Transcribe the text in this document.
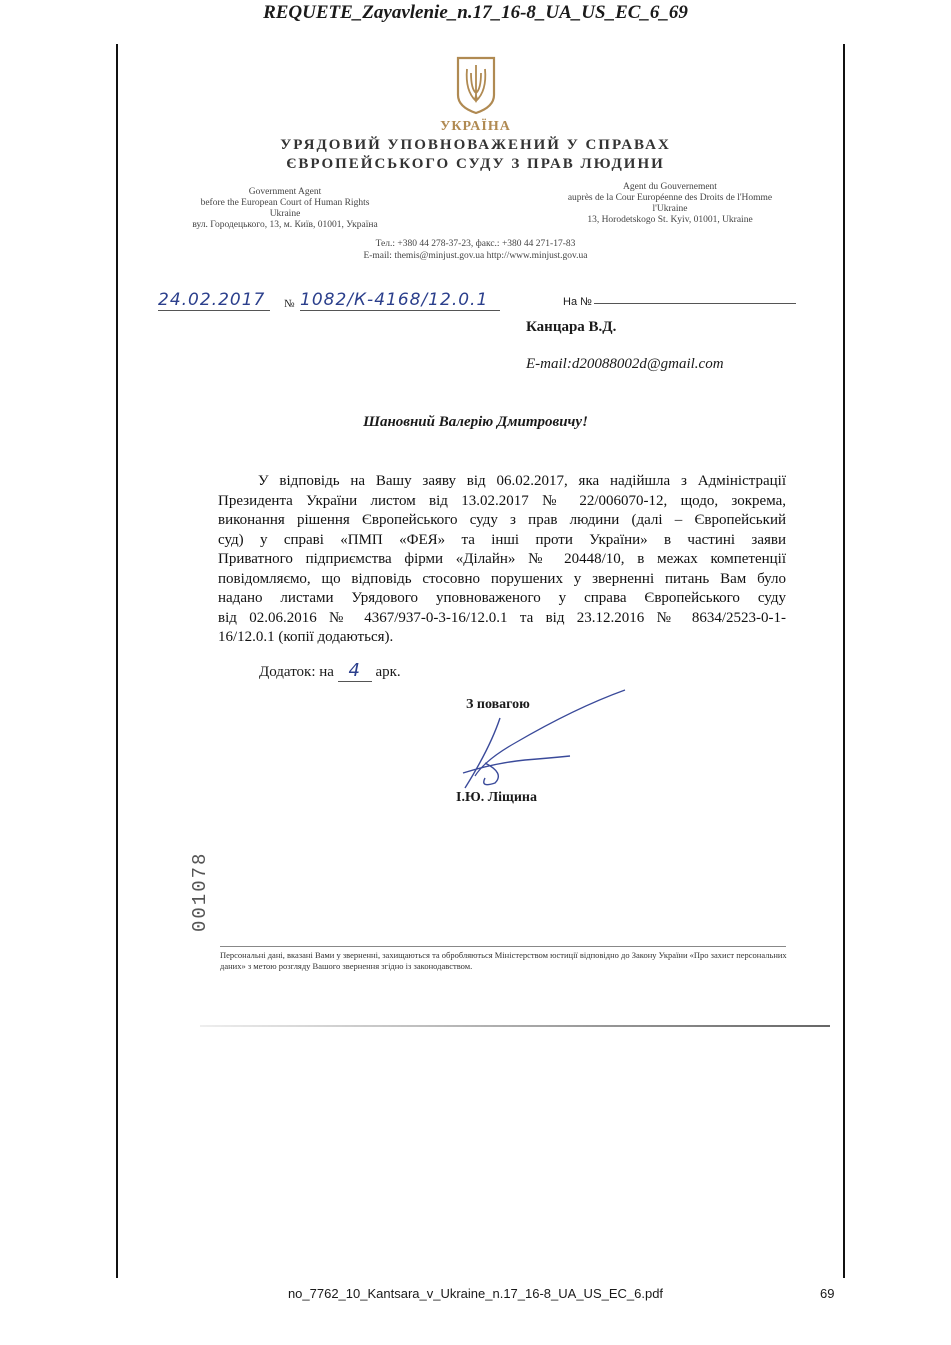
REQUETE_Zayavlenie_n.17_16-8_UA_US_EC_6_69
УКРАЇНА
УРЯДОВИЙ УПОВНОВАЖЕНИЙ У СПРАВАХ
ЄВРОПЕЙСЬКОГО СУДУ З ПРАВ ЛЮДИНИ
Government Agent
before the European Court of Human Rights
Ukraine
вул. Городецького, 13, м. Київ, 01001, Україна
Agent du Gouvernement
auprès de la Cour Européenne des Droits de l'Homme
l'Ukraine
13, Horodetskogo St. Kyiv, 01001, Ukraine
Тел.: +380 44 278-37-23, факс.: +380 44 271-17-83
E-mail: themis@minjust.gov.ua http://www.minjust.gov.ua
24.02.2017	№ 1082/К-4168/12.0.1	На №
Канцара В.Д.
E-mail:d20088002d@gmail.com
Шановний Валерію Дмитровичу!
У відповідь на Вашу заяву від 06.02.2017, яка надійшла з Адміністрації
Президента України листом від 13.02.2017 № 22/006070-12, щодо, зокрема,
виконання рішення Європейського суду з прав людини (далі – Європейський
суд) у справі «ПМП «ФЕЯ» та інші проти України» в частині заяви
Приватного підприємства фірми «Ділайн» № 20448/10, в межах компетенції
повідомляємо, що відповідь стосовно порушених у зверненні питань Вам було
надано листами Урядового уповноваженого у справа Європейського суду
від 02.06.2016 № 4367/937-0-3-16/12.0.1 та від 23.12.2016 № 8634/2523-0-1-
16/12.0.1 (копії додаються).
Додаток: на 4 арк.
З повагою
І.Ю. Ліщина
001078
Персональні дані, вказані Вами у зверненні, захищаються та обробляються Міністерством юстиції відповідно до Закону України «Про захист персональних даних» з метою розгляду Вашого звернення згідно із законодавством.
no_7762_10_Kantsara_v_Ukraine_n.17_16-8_UA_US_EC_6.pdf	69
